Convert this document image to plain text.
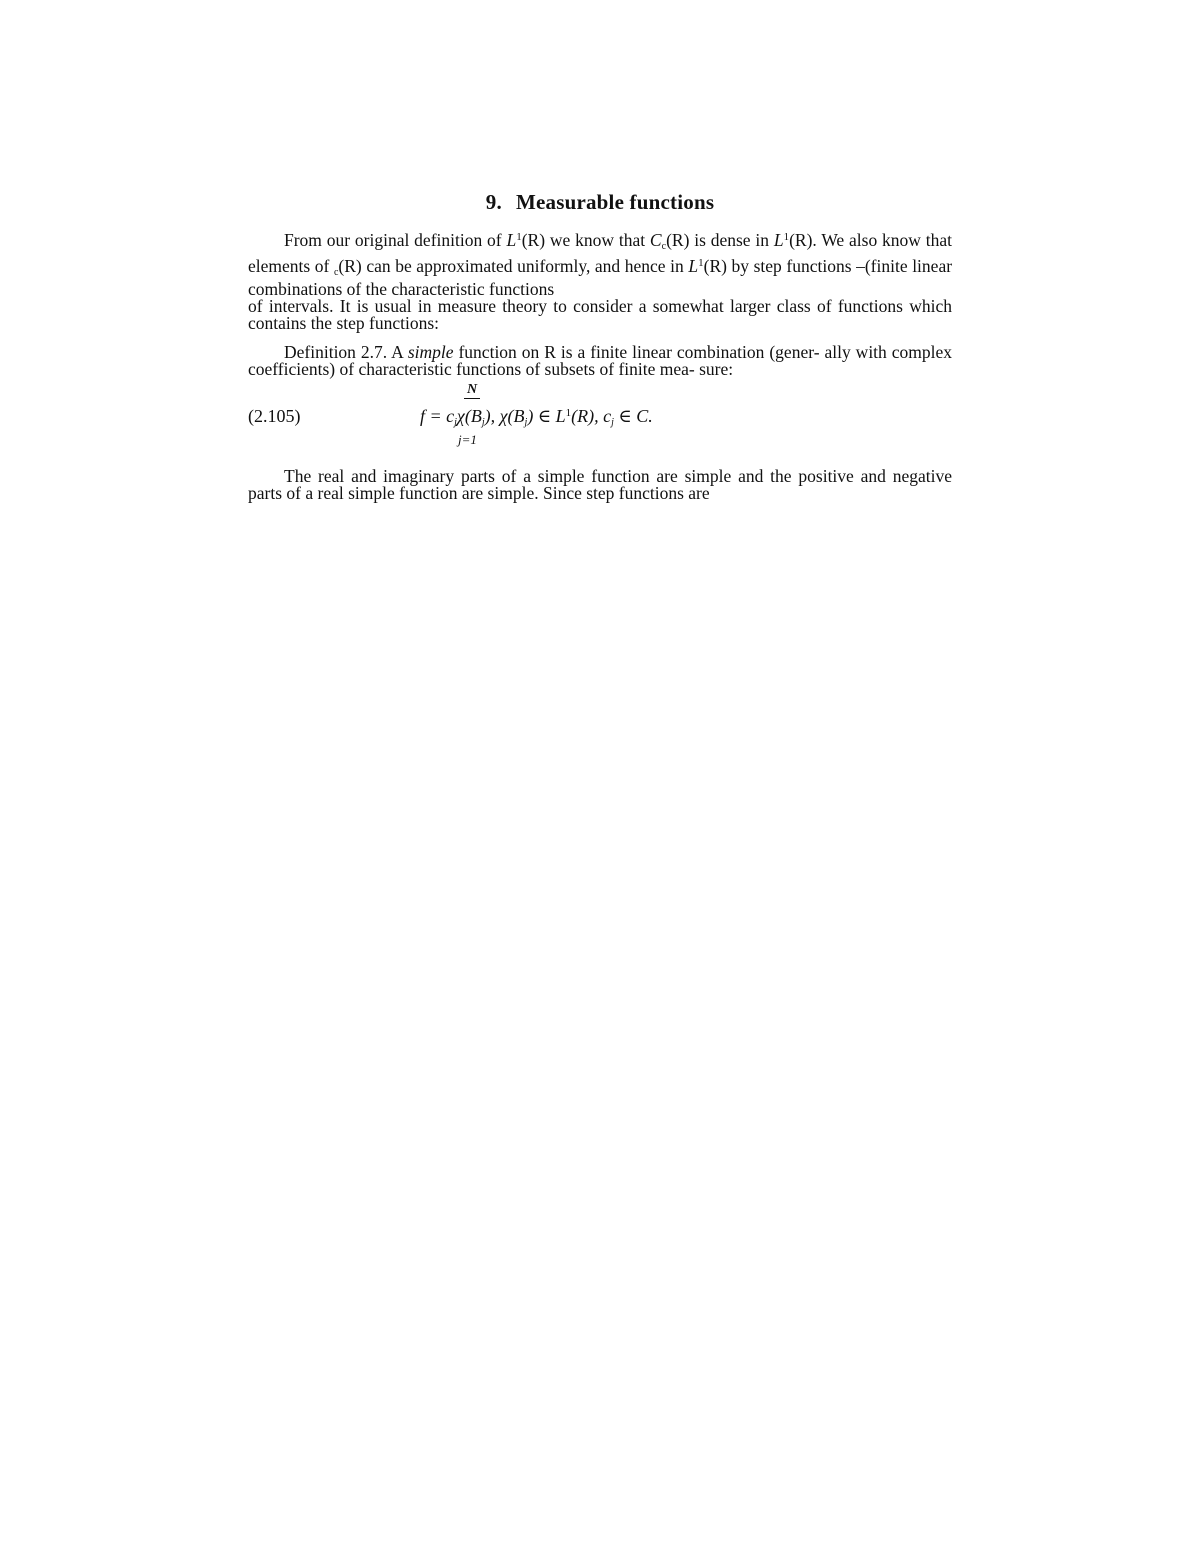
9. Measurable functions

From our original definition of $L^1(R)$ we know that $C_c(R)$ is dense in $L^1(R)$. We also know that elements of $_c$(R) can be approximated uniformly, and hence in $L^1(R)$ by step functions –(finite linear combinations of the characteristic functions

of intervals. It is usual in measure theory to consider a somewhat larger class of functions which contains the step functions:

Definition 2.7. A simple function on R is a finite linear combination (gener- ally with complex coefficients) of characteristic functions of subsets of finite mea- sure:

(2.105)
N
$f = c_j\chi(B_j)$, $\chi(B_j)$ ∈ $L^1(R)$, $c_j$ ∈ C.
j=1

The real and imaginary parts of a simple function are simple and the positive and negative parts of a real simple function are simple. Since step functions are
